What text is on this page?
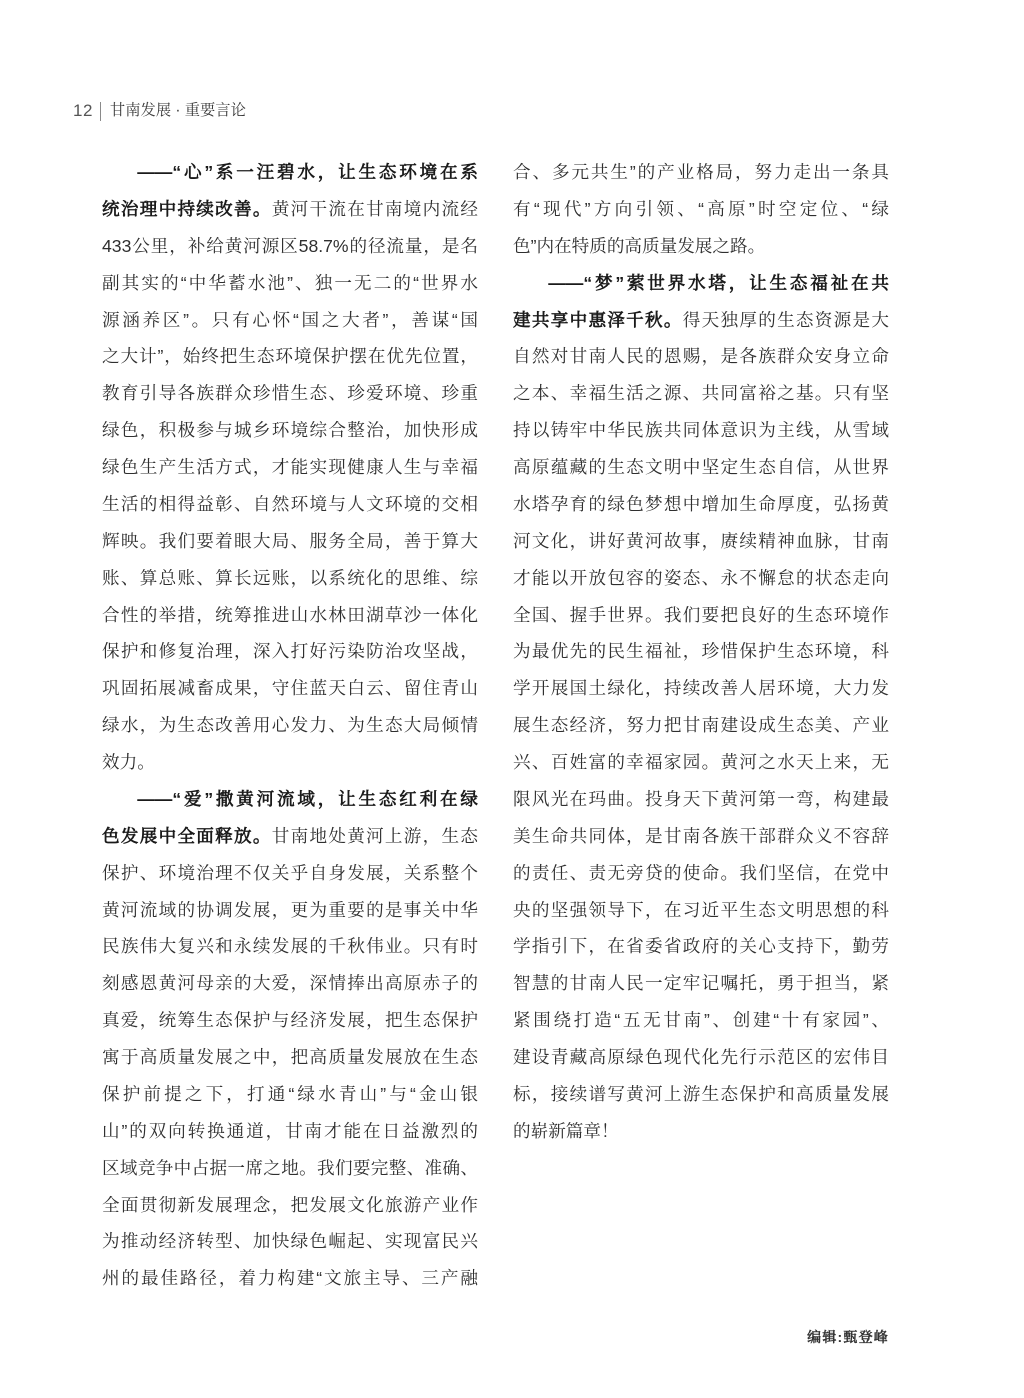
12 甘南发展 · 重要言论
——“心”系一汪碧水，让生态环境在系
统治理中持续改善。黄河干流在甘南境内流经
433公里，补给黄河源区58.7%的径流量，是名
副其实的“中华蓄水池”、独一无二的“世界水
源涵养区”。只有心怀“国之大者”，善谋“国
之大计”，始终把生态环境保护摆在优先位置，
教育引导各族群众珍惜生态、珍爱环境、珍重
绿色，积极参与城乡环境综合整治，加快形成
绿色生产生活方式，才能实现健康人生与幸福
生活的相得益彰、自然环境与人文环境的交相
辉映。我们要着眼大局、服务全局，善于算大
账、算总账、算长远账，以系统化的思维、综
合性的举措，统筹推进山水林田湖草沙一体化
保护和修复治理，深入打好污染防治攻坚战，
巩固拓展减畜成果，守住蓝天白云、留住青山
绿水，为生态改善用心发力、为生态大局倾情
效力。
——“爱”撒黄河流域，让生态红利在绿
色发展中全面释放。甘南地处黄河上游，生态
保护、环境治理不仅关乎自身发展，关系整个
黄河流域的协调发展，更为重要的是事关中华
民族伟大复兴和永续发展的千秋伟业。只有时
刻感恩黄河母亲的大爱，深情捧出高原赤子的
真爱，统筹生态保护与经济发展，把生态保护
寓于高质量发展之中，把高质量发展放在生态
保护前提之下，打通“绿水青山”与“金山银
山”的双向转换通道，甘南才能在日益激烈的
区域竞争中占据一席之地。我们要完整、准确、
全面贯彻新发展理念，把发展文化旅游产业作
为推动经济转型、加快绿色崛起、实现富民兴
州的最佳路径，着力构建“文旅主导、三产融
合、多元共生”的产业格局，努力走出一条具
有“现代”方向引领、“高原”时空定位、“绿
色”内在特质的高质量发展之路。
——“梦”萦世界水塔，让生态福祉在共
建共享中惠泽千秋。得天独厚的生态资源是大
自然对甘南人民的恩赐，是各族群众安身立命
之本、幸福生活之源、共同富裕之基。只有坚
持以铸牢中华民族共同体意识为主线，从雪域
高原蕴藏的生态文明中坚定生态自信，从世界
水塔孕育的绿色梦想中增加生命厚度，弘扬黄
河文化，讲好黄河故事，赓续精神血脉，甘南
才能以开放包容的姿态、永不懈怠的状态走向
全国、握手世界。我们要把良好的生态环境作
为最优先的民生福祉，珍惜保护生态环境，科
学开展国土绿化，持续改善人居环境，大力发
展生态经济，努力把甘南建设成生态美、产业
兴、百姓富的幸福家园。黄河之水天上来，无
限风光在玛曲。投身天下黄河第一弯，构建最
美生命共同体，是甘南各族干部群众义不容辞
的责任、责无旁贷的使命。我们坚信，在党中
央的坚强领导下，在习近平生态文明思想的科
学指引下，在省委省政府的关心支持下，勤劳
智慧的甘南人民一定牢记嘱托，勇于担当，紧
紧围绕打造“五无甘南”、创建“十有家园”、
建设青藏高原绿色现代化先行示范区的宏伟目
标，接续谱写黄河上游生态保护和高质量发展
的崭新篇章！
编辑:甄登峰
